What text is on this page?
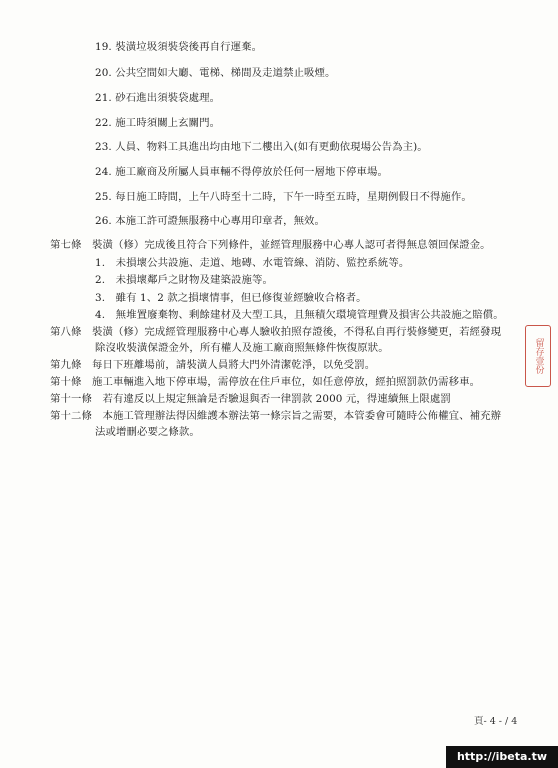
19. 裝潢垃圾須裝袋後再自行運棄。
20. 公共空間如大廳、電梯、梯間及走道禁止吸煙。
21. 砂石進出須裝袋處理。
22. 施工時須關上玄關門。
23. 人員、物料工具進出均由地下二樓出入(如有更動依現場公告為主)。
24. 施工廠商及所屬人員車輛不得停放於任何一層地下停車場。
25. 每日施工時間，上午八時至十二時，下午一時至五時，星期例假日不得施作。
26. 本施工許可證無服務中心專用印章者，無效。
第七條　裝潢（修）完成後且符合下列條件，並經管理服務中心專人認可者得無息領回保證金。
1.　未損壞公共設施、走道、地磚、水電管線、消防、監控系統等。
2.　未損壞鄰戶之財物及建築設施等。
3.　雖有 1、2 款之損壞情事，但已修復並經驗收合格者。
4.　無堆置廢棄物、剩餘建材及大型工具，且無積欠環境管理費及損害公共設施之賠償。
第八條　裝潢（修）完成經管理服務中心專人驗收拍照存證後，不得私自再行裝修變更，若經發現
除沒收裝潢保證金外，所有權人及施工廠商照無條件恢復原狀。
第九條　每日下班離場前，請裝潢人員將大門外清潔乾淨，以免受罰。
第十條　施工車輛進入地下停車場，需停放在住戶車位，如任意停放，經拍照罰款仍需移車。
第十一條　若有違反以上規定無論是否驗退與否一律罰款 2000 元，得連續無上限處罰
第十二條　本施工管理辦法得因維護本辦法第一條宗旨之需要，本管委會可隨時公佈權宜、補充辦
法或增刪必要之條款。
留存壹份
頁- 4 - / 4
http://ibeta.tw
